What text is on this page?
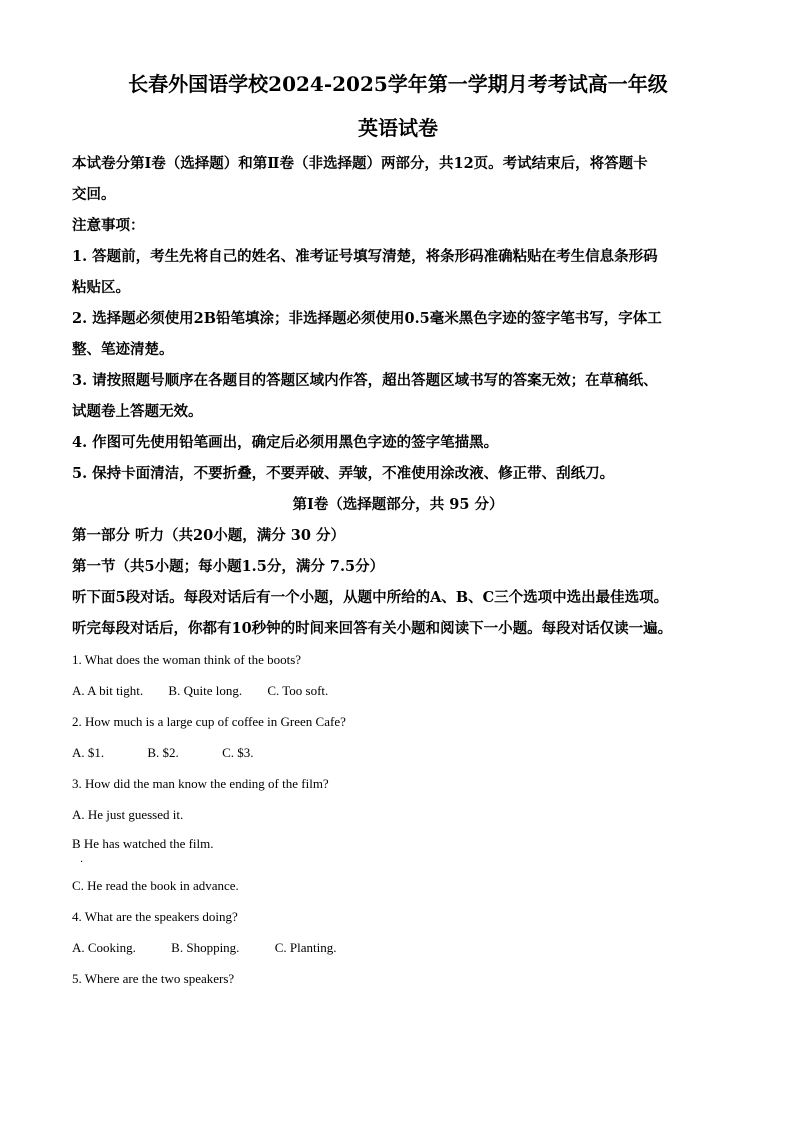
长春外国语学校2024-2025学年第一学期月考考试高一年级
英语试卷

本试卷分第Ⅰ卷（选择题）和第Ⅱ卷（非选择题）两部分，共12页。考试结束后，将答题卡

交回。

注意事项：

1. 答题前，考生先将自己的姓名、准考证号填写清楚，将条形码准确粘贴在考生信息条形码

粘贴区。

2. 选择题必须使用2B铅笔填涂；非选择题必须使用0.5毫米黑色字迹的签字笔书写，字体工

整、笔迹清楚。

3. 请按照题号顺序在各题目的答题区域内作答，超出答题区域书写的答案无效；在草稿纸、

试题卷上答题无效。

4. 作图可先使用铅笔画出，确定后必须用黑色字迹的签字笔描黑。

5. 保持卡面清洁，不要折叠，不要弄破、弄皱，不准使用涂改液、修正带、刮纸刀。

第Ⅰ卷（选择题部分，共 95 分）

第一部分 听力（共20小题，满分 30 分）

第一节（共5小题；每小题1.5分，满分 7.5分）

听下面5段对话。每段对话后有一个小题，从题中所给的A、B、C三个选项中选出最佳选项。

听完每段对话后，你都有10秒钟的时间来回答有关小题和阅读下一小题。每段对话仅读一遍。

1. What does the woman think of the boots?

A. A bit tight. B. Quite long. C. Too soft.

2. How much is a large cup of coffee in Green Cafe?

A. $1.	B. $2.	C. $3.

3. How did the man know the ending of the film?

A. He just guessed it.

B He has watched the film.

·

C. He read the book in advance.

4. What are the speakers doing?

A. Cooking.	B. Shopping.	C. Planting.

5. Where are the two speakers?
